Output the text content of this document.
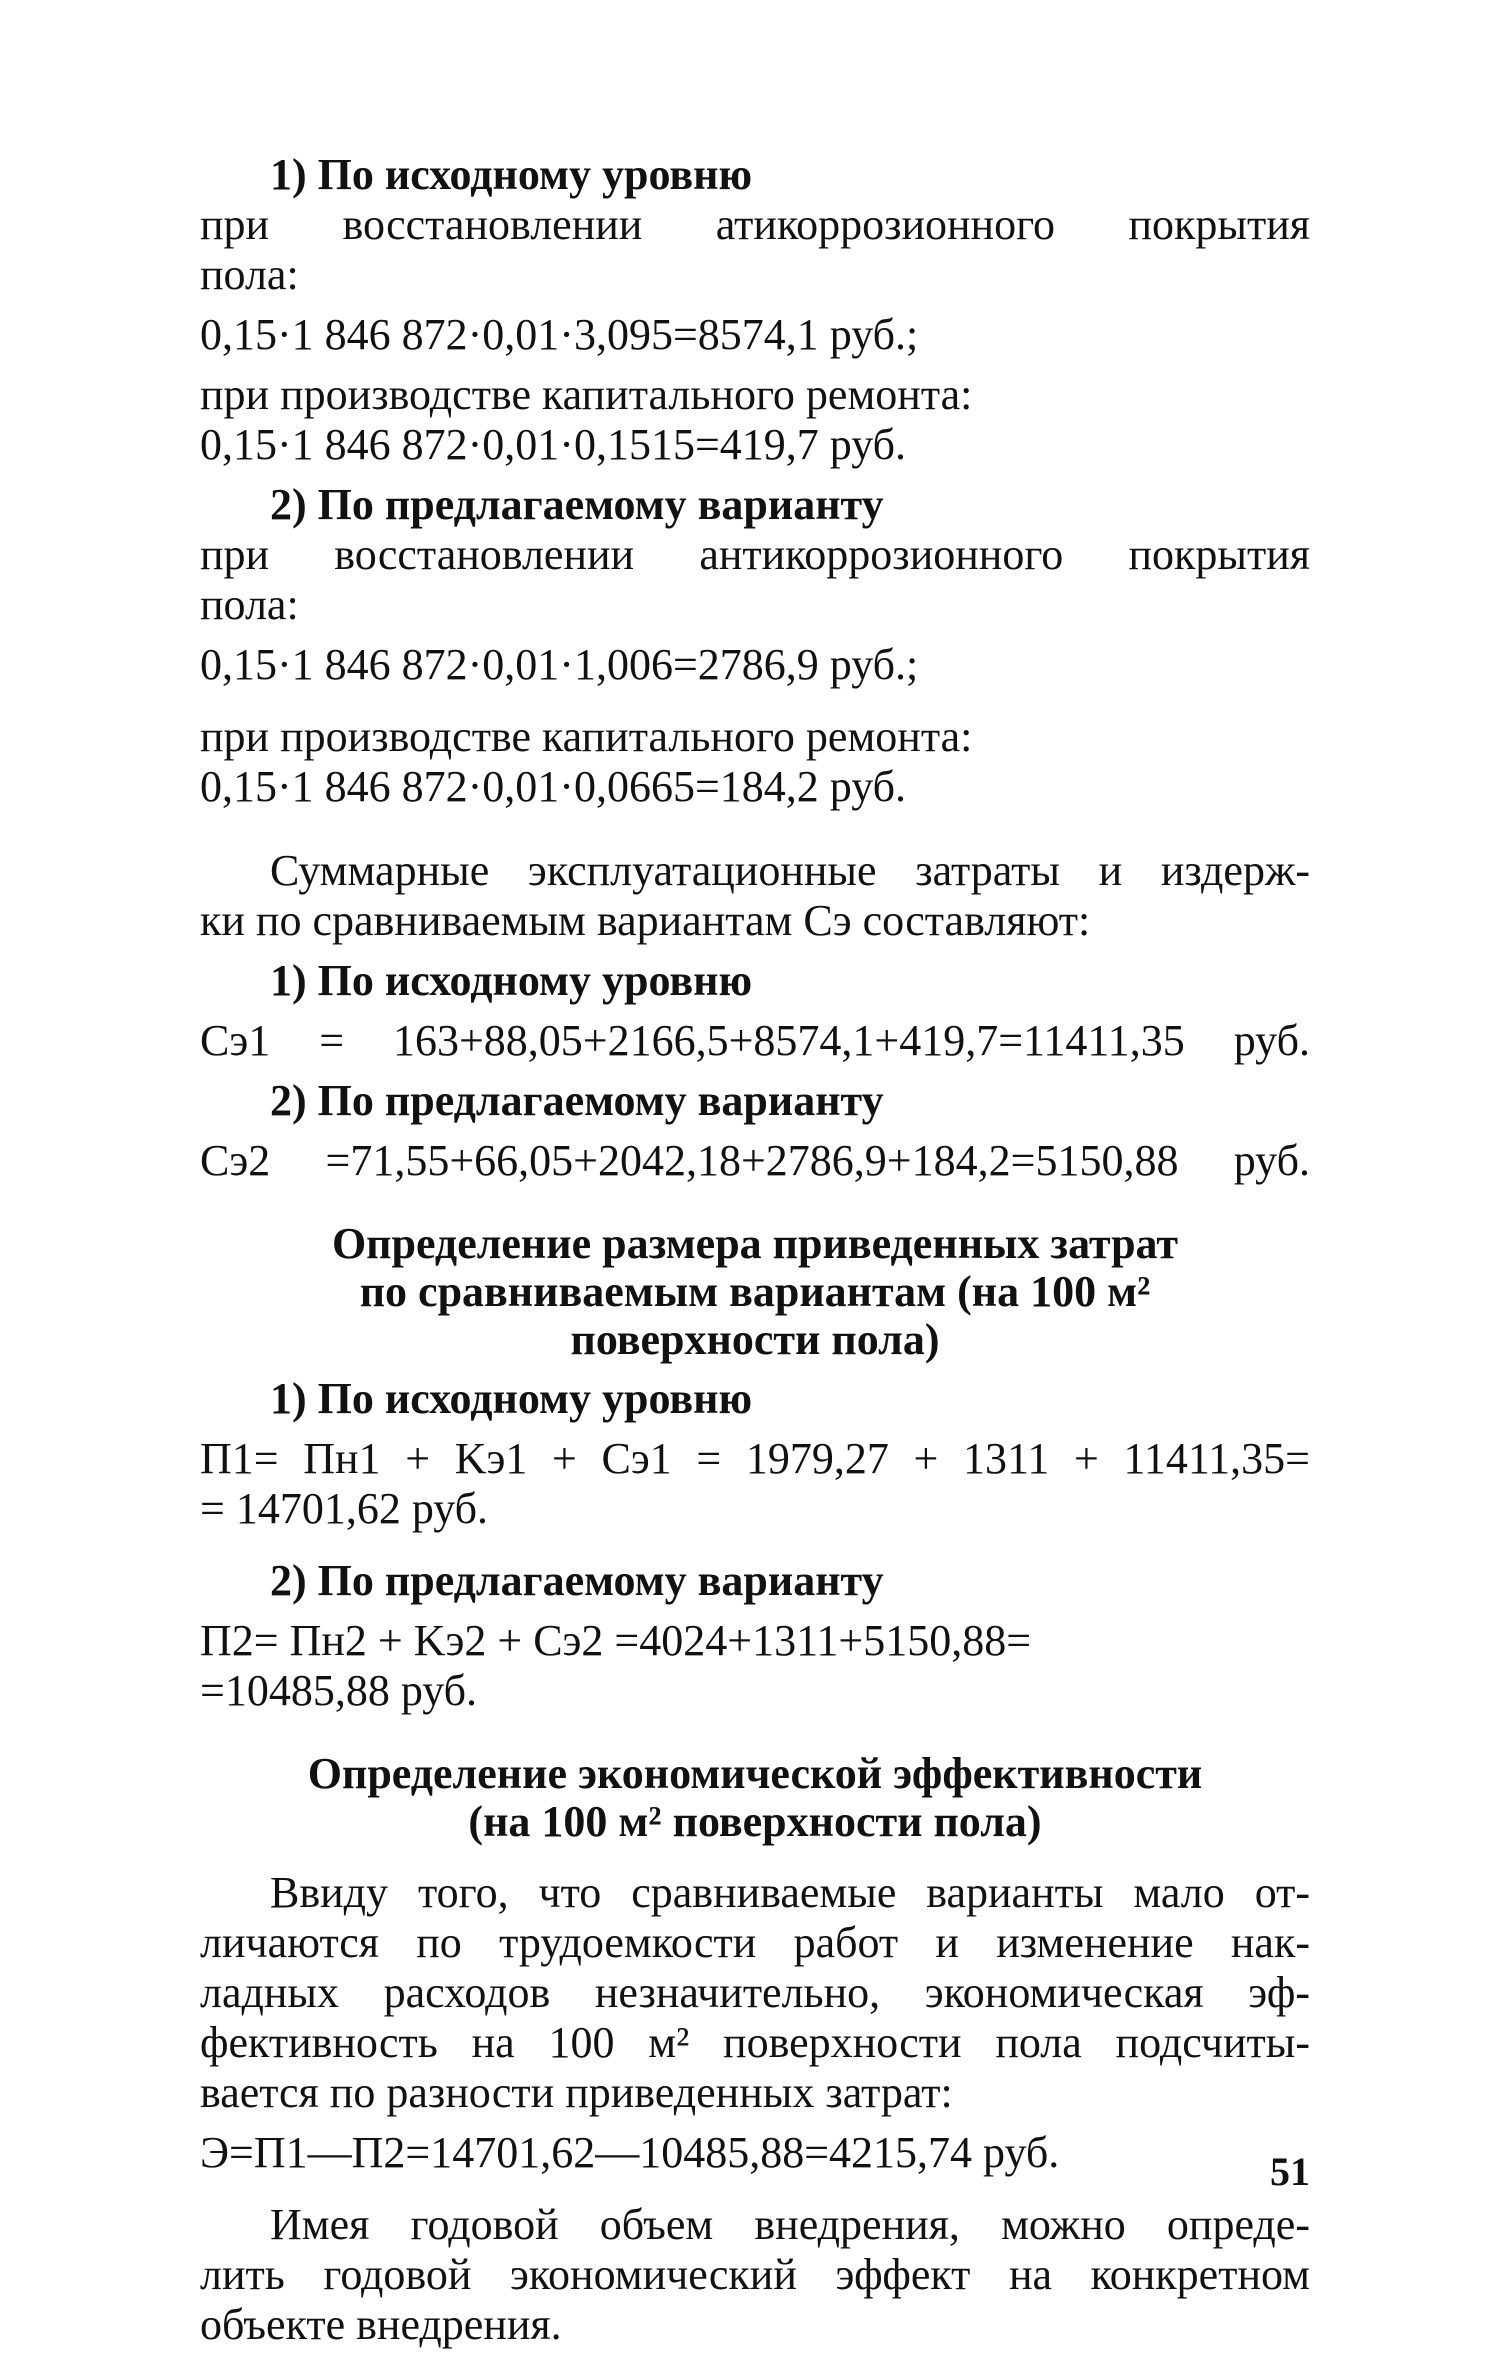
1) По исходному уровню
при восстановлении атикоррозионного покрытия
пола:
0,15·1 846 872·0,01·3,095=8574,1 руб.;
при производстве капитального ремонта:
0,15·1 846 872·0,01·0,1515=419,7 руб.
2) По предлагаемому варианту
при восстановлении антикоррозионного покрытия
пола:
0,15·1 846 872·0,01·1,006=2786,9 руб.;
при производстве капитального ремонта:
0,15·1 846 872·0,01·0,0665=184,2 руб.
Суммарные эксплуатационные затраты и издерж-
ки по сравниваемым вариантам Cэ составляют:
1) По исходному уровню
Cэ1 = 163+88,05+2166,5+8574,1+419,7=11411,35 руб.
2) По предлагаемому варианту
Cэ2 =71,55+66,05+2042,18+2786,9+184,2=5150,88 руб.
Определение размера приведенных затрат
по сравниваемым вариантам (на 100 м²
поверхности пола)
1) По исходному уровню
П1= Пн1 + Kэ1 + Cэ1 = 1979,27 + 1311 + 11411,35=
= 14701,62 руб.
2) По предлагаемому варианту
П2= Пн2 + Kэ2 + Cэ2 =4024+1311+5150,88=
=10485,88 руб.
Определение экономической эффективности
(на 100 м² поверхности пола)
Ввиду того, что сравниваемые варианты мало от-
личаются по трудоемкости работ и изменение нак-
ладных расходов незначительно, экономическая эф-
фективность на 100 м² поверхности пола подсчиты-
вается по разности приведенных затрат:
Э=П1—П2=14701,62—10485,88=4215,74 руб.
Имея годовой объем внедрения, можно опреде-
лить годовой экономический эффект на конкретном
объекте внедрения.
51
